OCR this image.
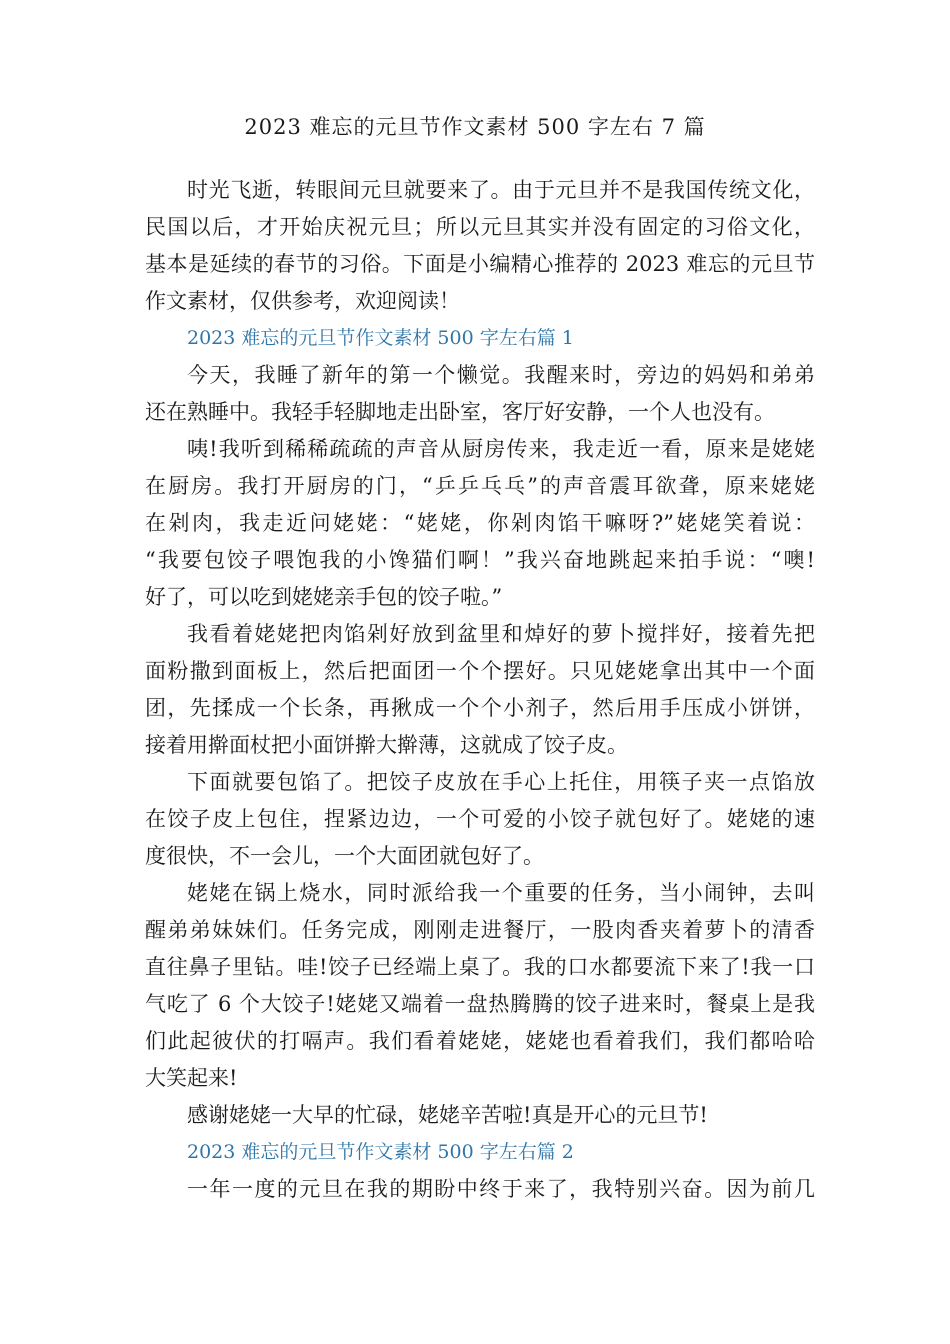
2023 难忘的元旦节作文素材 500 字左右 7 篇
时光飞逝，转眼间元旦就要来了。由于元旦并不是我国传统文化，
民国以后，才开始庆祝元旦；所以元旦其实并没有固定的习俗文化，
基本是延续的春节的习俗。下面是小编精心推荐的 2023 难忘的元旦节
作文素材，仅供参考，欢迎阅读！
2023 难忘的元旦节作文素材 500 字左右篇 1
今天，我睡了新年的第一个懒觉。我醒来时，旁边的妈妈和弟弟
还在熟睡中。我轻手轻脚地走出卧室，客厅好安静，一个人也没有。
咦!我听到稀稀疏疏的声音从厨房传来，我走近一看，原来是姥姥
在厨房。我打开厨房的门，“乒乒乓乓”的声音震耳欲聋，原来姥姥
在剁肉，我走近问姥姥：“姥姥，你剁肉馅干嘛呀?”姥姥笑着说：
“我要包饺子喂饱我的小馋猫们啊！”我兴奋地跳起来拍手说：“噢!
好了，可以吃到姥姥亲手包的饺子啦。”
我看着姥姥把肉馅剁好放到盆里和焯好的萝卜搅拌好，接着先把
面粉撒到面板上，然后把面团一个个摆好。只见姥姥拿出其中一个面
团，先揉成一个长条，再揪成一个个小剂子，然后用手压成小饼饼，
接着用擀面杖把小面饼擀大擀薄，这就成了饺子皮。
下面就要包馅了。把饺子皮放在手心上托住，用筷子夹一点馅放
在饺子皮上包住，捏紧边边，一个可爱的小饺子就包好了。姥姥的速
度很快，不一会儿，一个大面团就包好了。
姥姥在锅上烧水，同时派给我一个重要的任务，当小闹钟，去叫
醒弟弟妹妹们。任务完成，刚刚走进餐厅，一股肉香夹着萝卜的清香
直往鼻子里钻。哇!饺子已经端上桌了。我的口水都要流下来了!我一口
气吃了 6 个大饺子!姥姥又端着一盘热腾腾的饺子进来时，餐桌上是我
们此起彼伏的打嗝声。我们看着姥姥，姥姥也看着我们，我们都哈哈
大笑起来!
感谢姥姥一大早的忙碌，姥姥辛苦啦!真是开心的元旦节!
2023 难忘的元旦节作文素材 500 字左右篇 2
一年一度的元旦在我的期盼中终于来了，我特别兴奋。因为前几
